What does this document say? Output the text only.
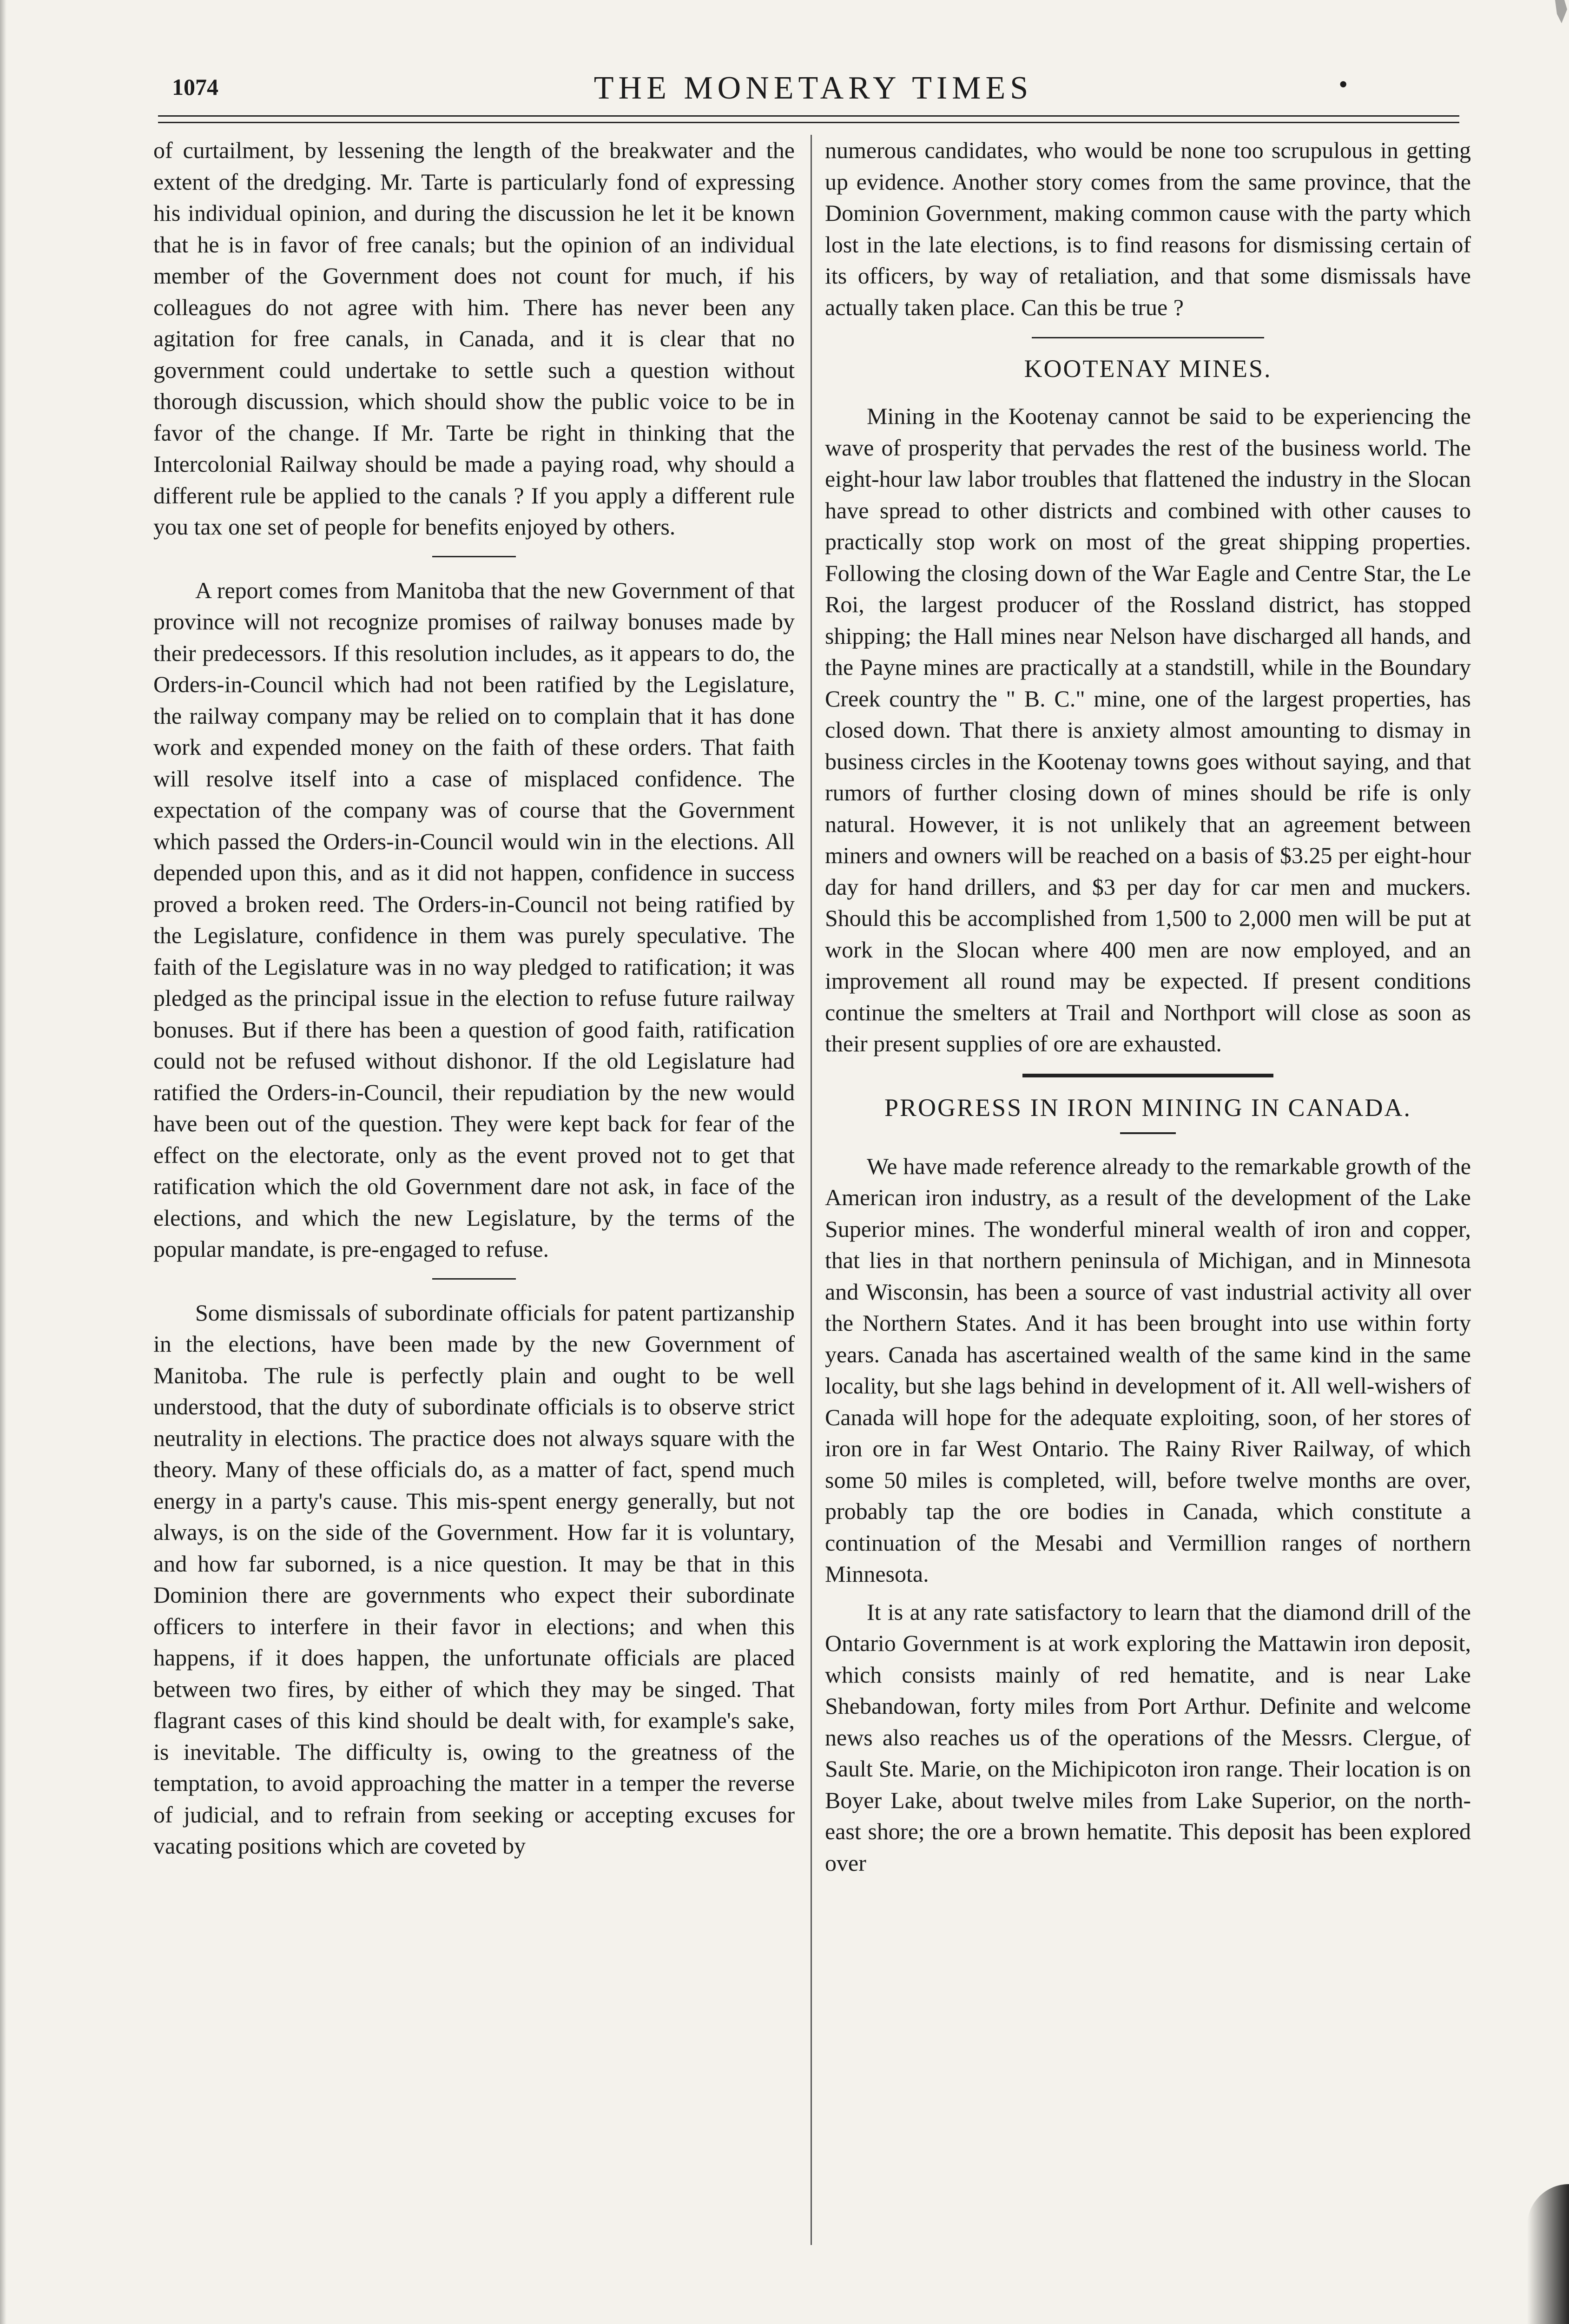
1074	THE MONETARY TIMES	•

of curtailment, by lessening the length of the breakwater and the extent of the dredging. Mr. Tarte is particularly fond of expressing his individual opinion, and during the discussion he let it be known that he is in favor of free canals; but the opinion of an individual member of the Government does not count for much, if his colleagues do not agree with him. There has never been any agitation for free canals, in Canada, and it is clear that no government could undertake to settle such a question without thorough discussion, which should show the public voice to be in favor of the change. If Mr. Tarte be right in thinking that the Intercolonial Railway should be made a paying road, why should a different rule be applied to the canals ? If you apply a different rule you tax one set of people for benefits enjoyed by others.

A report comes from Manitoba that the new Government of that province will not recognize promises of railway bonuses made by their predecessors. If this resolution includes, as it appears to do, the Orders-in-Council which had not been ratified by the Legislature, the railway company may be relied on to complain that it has done work and expended money on the faith of these orders. That faith will resolve itself into a case of misplaced confidence. The expectation of the company was of course that the Government which passed the Orders-in-Council would win in the elections. All depended upon this, and as it did not happen, confidence in success proved a broken reed. The Orders-in-Council not being ratified by the Legislature, confidence in them was purely speculative. The faith of the Legislature was in no way pledged to ratification; it was pledged as the principal issue in the election to refuse future railway bonuses. But if there has been a question of good faith, ratification could not be refused without dishonor. If the old Legislature had ratified the Orders-in-Council, their repudiation by the new would have been out of the question. They were kept back for fear of the effect on the electorate, only as the event proved not to get that ratification which the old Government dare not ask, in face of the elections, and which the new Legislature, by the terms of the popular mandate, is pre-engaged to refuse.

Some dismissals of subordinate officials for patent partizanship in the elections, have been made by the new Government of Manitoba. The rule is perfectly plain and ought to be well understood, that the duty of subordinate officials is to observe strict neutrality in elections. The practice does not always square with the theory. Many of these officials do, as a matter of fact, spend much energy in a party's cause. This mis-spent energy generally, but not always, is on the side of the Government. How far it is voluntary, and how far suborned, is a nice question. It may be that in this Dominion there are governments who expect their subordinate officers to interfere in their favor in elections; and when this happens, if it does happen, the unfortunate officials are placed between two fires, by either of which they may be singed. That flagrant cases of this kind should be dealt with, for example's sake, is inevitable. The difficulty is, owing to the greatness of the temptation, to avoid approaching the matter in a temper the reverse of judicial, and to refrain from seeking or accepting excuses for vacating positions which are coveted by

numerous candidates, who would be none too scrupulous in getting up evidence. Another story comes from the same province, that the Dominion Government, making common cause with the party which lost in the late elections, is to find reasons for dismissing certain of its officers, by way of retaliation, and that some dismissals have actually taken place. Can this be true ?

KOOTENAY MINES.

Mining in the Kootenay cannot be said to be experiencing the wave of prosperity that pervades the rest of the business world. The eight-hour law labor troubles that flattened the industry in the Slocan have spread to other districts and combined with other causes to practically stop work on most of the great shipping properties. Following the closing down of the War Eagle and Centre Star, the Le Roi, the largest producer of the Rossland district, has stopped shipping; the Hall mines near Nelson have discharged all hands, and the Payne mines are practically at a standstill, while in the Boundary Creek country the " B. C." mine, one of the largest properties, has closed down. That there is anxiety almost amounting to dismay in business circles in the Kootenay towns goes without saying, and that rumors of further closing down of mines should be rife is only natural. However, it is not unlikely that an agreement between miners and owners will be reached on a basis of $3.25 per eight-hour day for hand drillers, and $3 per day for car men and muckers. Should this be accomplished from 1,500 to 2,000 men will be put at work in the Slocan where 400 men are now employed, and an improvement all round may be expected. If present conditions continue the smelters at Trail and Northport will close as soon as their present supplies of ore are exhausted.

PROGRESS IN IRON MINING IN CANADA.

We have made reference already to the remarkable growth of the American iron industry, as a result of the development of the Lake Superior mines. The wonderful mineral wealth of iron and copper, that lies in that northern peninsula of Michigan, and in Minnesota and Wisconsin, has been a source of vast industrial activity all over the Northern States. And it has been brought into use within forty years. Canada has ascertained wealth of the same kind in the same locality, but she lags behind in development of it. All well-wishers of Canada will hope for the adequate exploiting, soon, of her stores of iron ore in far West Ontario. The Rainy River Railway, of which some 50 miles is completed, will, before twelve months are over, probably tap the ore bodies in Canada, which constitute a continuation of the Mesabi and Vermillion ranges of northern Minnesota.

It is at any rate satisfactory to learn that the diamond drill of the Ontario Government is at work exploring the Mattawin iron deposit, which consists mainly of red hematite, and is near Lake Shebandowan, forty miles from Port Arthur. Definite and welcome news also reaches us of the operations of the Messrs. Clergue, of Sault Ste. Marie, on the Michipicoton iron range. Their location is on Boyer Lake, about twelve miles from Lake Superior, on the north-east shore; the ore a brown hematite. This deposit has been explored over
